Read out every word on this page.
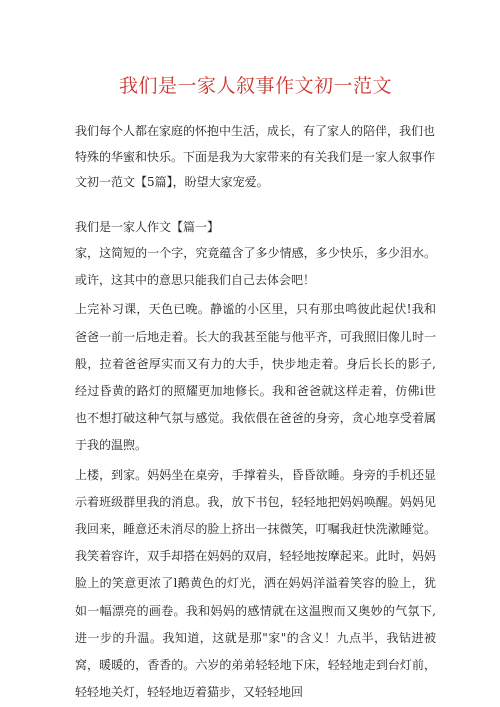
我们是一家人叙事作文初一范文

我们每个人都在家庭的怀抱中生活，成长，有了家人的陪伴，我们也特殊的华蜜和快乐。下面是我为大家带来的有关我们是一家人叙事作文初一范文【5篇】，盼望大家宠爱。

我们是一家人作文【篇一】

家，这简短的一个字，究竟蕴含了多少情感，多少快乐，多少泪水。或许，这其中的意思只能我们自己去体会吧！

上完补习课，天色已晚。静谧的小区里，只有那虫鸣彼此起伏!我和爸爸一前一后地走着。长大的我甚至能与他平齐，可我照旧像儿时一般，拉着爸爸厚实而又有力的大手，快步地走着。身后长长的影子,经过昏黄的路灯的照耀更加地修长。我和爸爸就这样走着，仿佛i世也不想打破这种气氛与感觉。我依偎在爸爸的身旁，贪心地享受着属于我的温煦。

上楼，到家。妈妈坐在桌旁，手撑着头，昏昏欲睡。身旁的手机还显示着班级群里我的消息。我，放下书包，轻轻地把妈妈唤醒。妈妈见我回来，睡意还未消尽的脸上挤出一抹微笑，叮嘱我赶快洗漱睡觉。我笑着容许，双手却搭在妈妈的双肩，轻轻地按摩起来。此时，妈妈脸上的笑意更浓了l鹅黄色的灯光，洒在妈妈洋溢着笑容的脸上，犹如一幅漂亮的画卷。我和妈妈的感情就在这温煦而又奥妙的气氛下,进一步的升温。我知道，这就是那"家"的含义！九点半，我钻进被窝，暖暖的，香香的。六岁的弟弟轻轻地下床，轻轻地走到台灯前，轻轻地关灯，轻轻地迈着猫步，又轻轻地回
